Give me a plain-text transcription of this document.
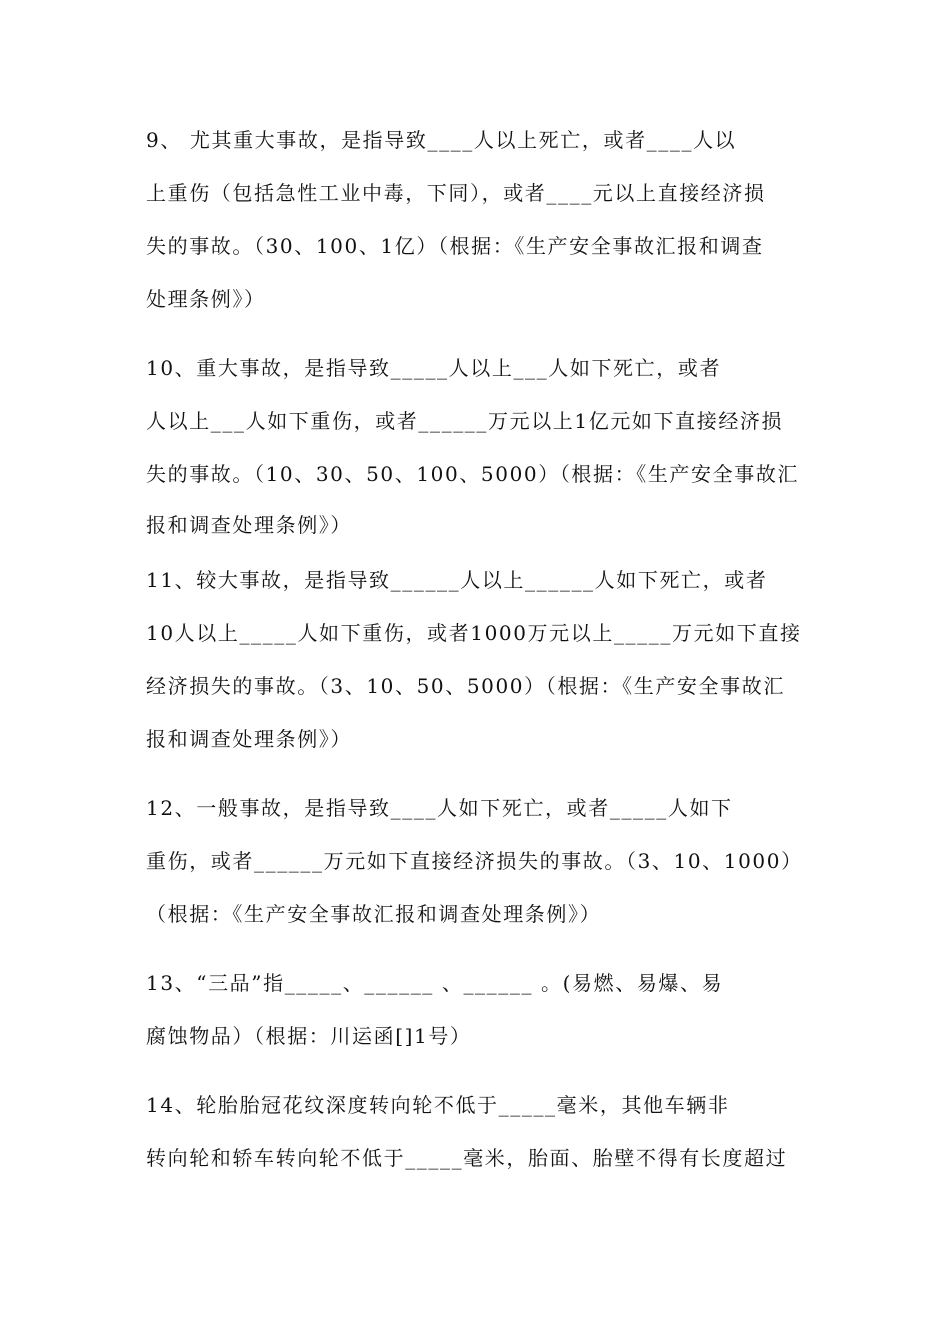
9、 尤其重大事故，是指导致____人以上死亡，或者____人以
上重伤（包括急性工业中毒，下同），或者____元以上直接经济损
失的事故。（30、100、1亿）（根据：《生产安全事故汇报和调查
处理条例》）
10、重大事故，是指导致_____人以上___人如下死亡，或者
人以上___人如下重伤，或者______万元以上1亿元如下直接经济损
失的事故。（10、30、50、100、5000）（根据：《生产安全事故汇
报和调查处理条例》）
11、较大事故，是指导致______人以上______人如下死亡，或者
10人以上_____人如下重伤，或者1000万元以上_____万元如下直接
经济损失的事故。（3、10、50、5000）（根据：《生产安全事故汇
报和调查处理条例》）
12、一般事故，是指导致____人如下死亡，或者_____人如下
重伤，或者______万元如下直接经济损失的事故。（3、10、1000）
（根据：《生产安全事故汇报和调查处理条例》）
13、“三品”指_____、______ 、______ 。(易燃、易爆、易
腐蚀物品）（根据：川运函[]1号）
14、轮胎胎冠花纹深度转向轮不低于_____毫米，其他车辆非
转向轮和轿车转向轮不低于_____毫米，胎面、胎壁不得有长度超过
